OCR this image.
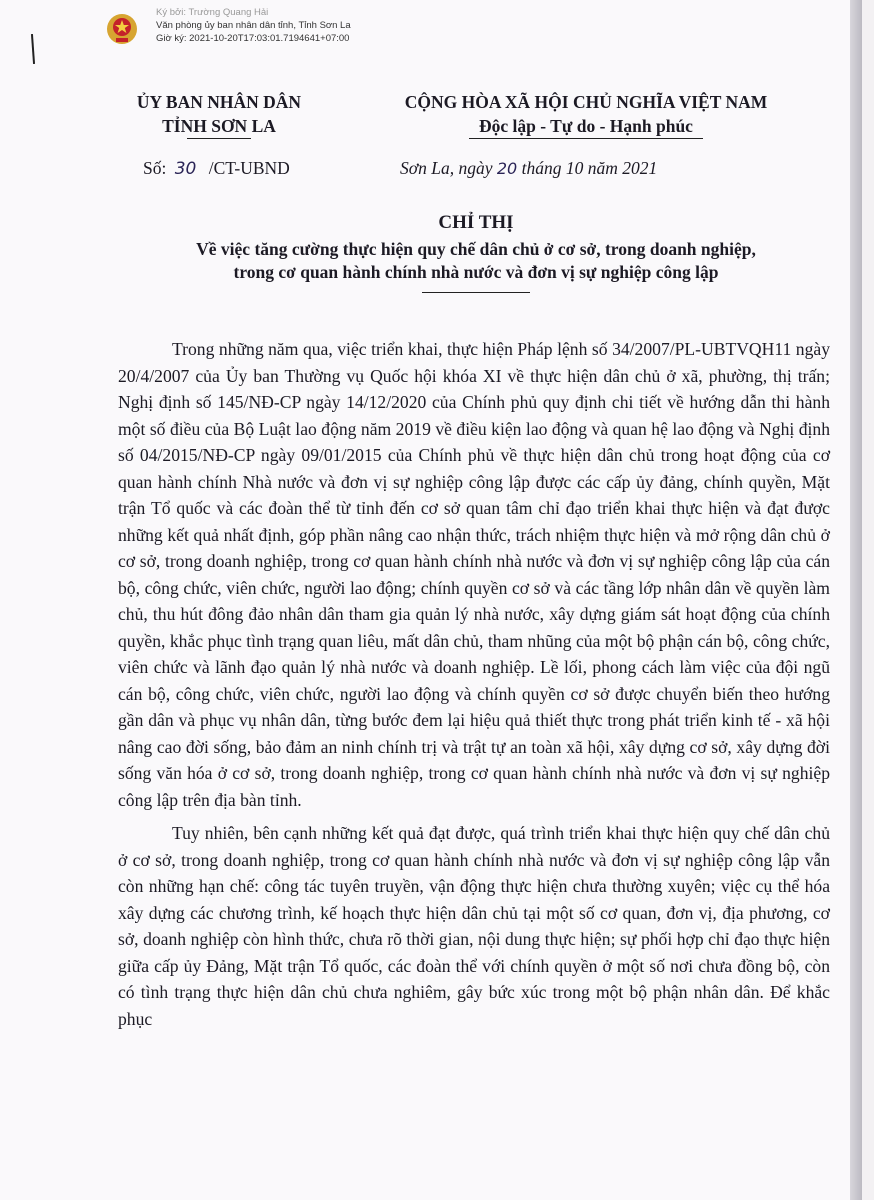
Ký bởi: Trường Quang Hải
Văn phòng ủy ban nhân dân tỉnh, Tỉnh Sơn La
Giờ ký: 2021-10-20T17:03:01.7194641+07:00
ỦY BAN NHÂN DÂN
TỈNH SƠN LA
CỘNG HÒA XÃ HỘI CHỦ NGHĨA VIỆT NAM
Độc lập - Tự do - Hạnh phúc
Số: 30 /CT-UBND	Sơn La, ngày 20 tháng 10 năm 2021
CHỈ THỊ
Về việc tăng cường thực hiện quy chế dân chủ ở cơ sở, trong doanh nghiệp,
trong cơ quan hành chính nhà nước và đơn vị sự nghiệp công lập

Trong những năm qua, việc triển khai, thực hiện Pháp lệnh số 34/2007/PL-UBTVQH11 ngày 20/4/2007 của Ủy ban Thường vụ Quốc hội khóa XI về thực hiện dân chủ ở xã, phường, thị trấn; Nghị định số 145/NĐ-CP ngày 14/12/2020 của Chính phủ quy định chi tiết về hướng dẫn thi hành một số điều của Bộ Luật lao động năm 2019 về điều kiện lao động và quan hệ lao động và Nghị định số 04/2015/NĐ-CP ngày 09/01/2015 của Chính phủ về thực hiện dân chủ trong hoạt động của cơ quan hành chính Nhà nước và đơn vị sự nghiệp công lập được các cấp ủy đảng, chính quyền, Mặt trận Tổ quốc và các đoàn thể từ tỉnh đến cơ sở quan tâm chỉ đạo triển khai thực hiện và đạt được những kết quả nhất định, góp phần nâng cao nhận thức, trách nhiệm thực hiện và mở rộng dân chủ ở cơ sở, trong doanh nghiệp, trong cơ quan hành chính nhà nước và đơn vị sự nghiệp công lập của cán bộ, công chức, viên chức, người lao động; chính quyền cơ sở và các tầng lớp nhân dân về quyền làm chủ, thu hút đông đảo nhân dân tham gia quản lý nhà nước, xây dựng giám sát hoạt động của chính quyền, khắc phục tình trạng quan liêu, mất dân chủ, tham nhũng của một bộ phận cán bộ, công chức, viên chức và lãnh đạo quản lý nhà nước và doanh nghiệp. Lề lối, phong cách làm việc của đội ngũ cán bộ, công chức, viên chức, người lao động và chính quyền cơ sở được chuyển biến theo hướng gần dân và phục vụ nhân dân, từng bước đem lại hiệu quả thiết thực trong phát triển kinh tế - xã hội nâng cao đời sống, bảo đảm an ninh chính trị và trật tự an toàn xã hội, xây dựng cơ sở, xây dựng đời sống văn hóa ở cơ sở, trong doanh nghiệp, trong cơ quan hành chính nhà nước và đơn vị sự nghiệp công lập trên địa bàn tỉnh.

Tuy nhiên, bên cạnh những kết quả đạt được, quá trình triển khai thực hiện quy chế dân chủ ở cơ sở, trong doanh nghiệp, trong cơ quan hành chính nhà nước và đơn vị sự nghiệp công lập vẫn còn những hạn chế: công tác tuyên truyền, vận động thực hiện chưa thường xuyên; việc cụ thể hóa xây dựng các chương trình, kế hoạch thực hiện dân chủ tại một số cơ quan, đơn vị, địa phương, cơ sở, doanh nghiệp còn hình thức, chưa rõ thời gian, nội dung thực hiện; sự phối hợp chỉ đạo thực hiện giữa cấp ủy Đảng, Mặt trận Tổ quốc, các đoàn thể với chính quyền ở một số nơi chưa đồng bộ, còn có tình trạng thực hiện dân chủ chưa nghiêm, gây bức xúc trong một bộ phận nhân dân. Để khắc phục
